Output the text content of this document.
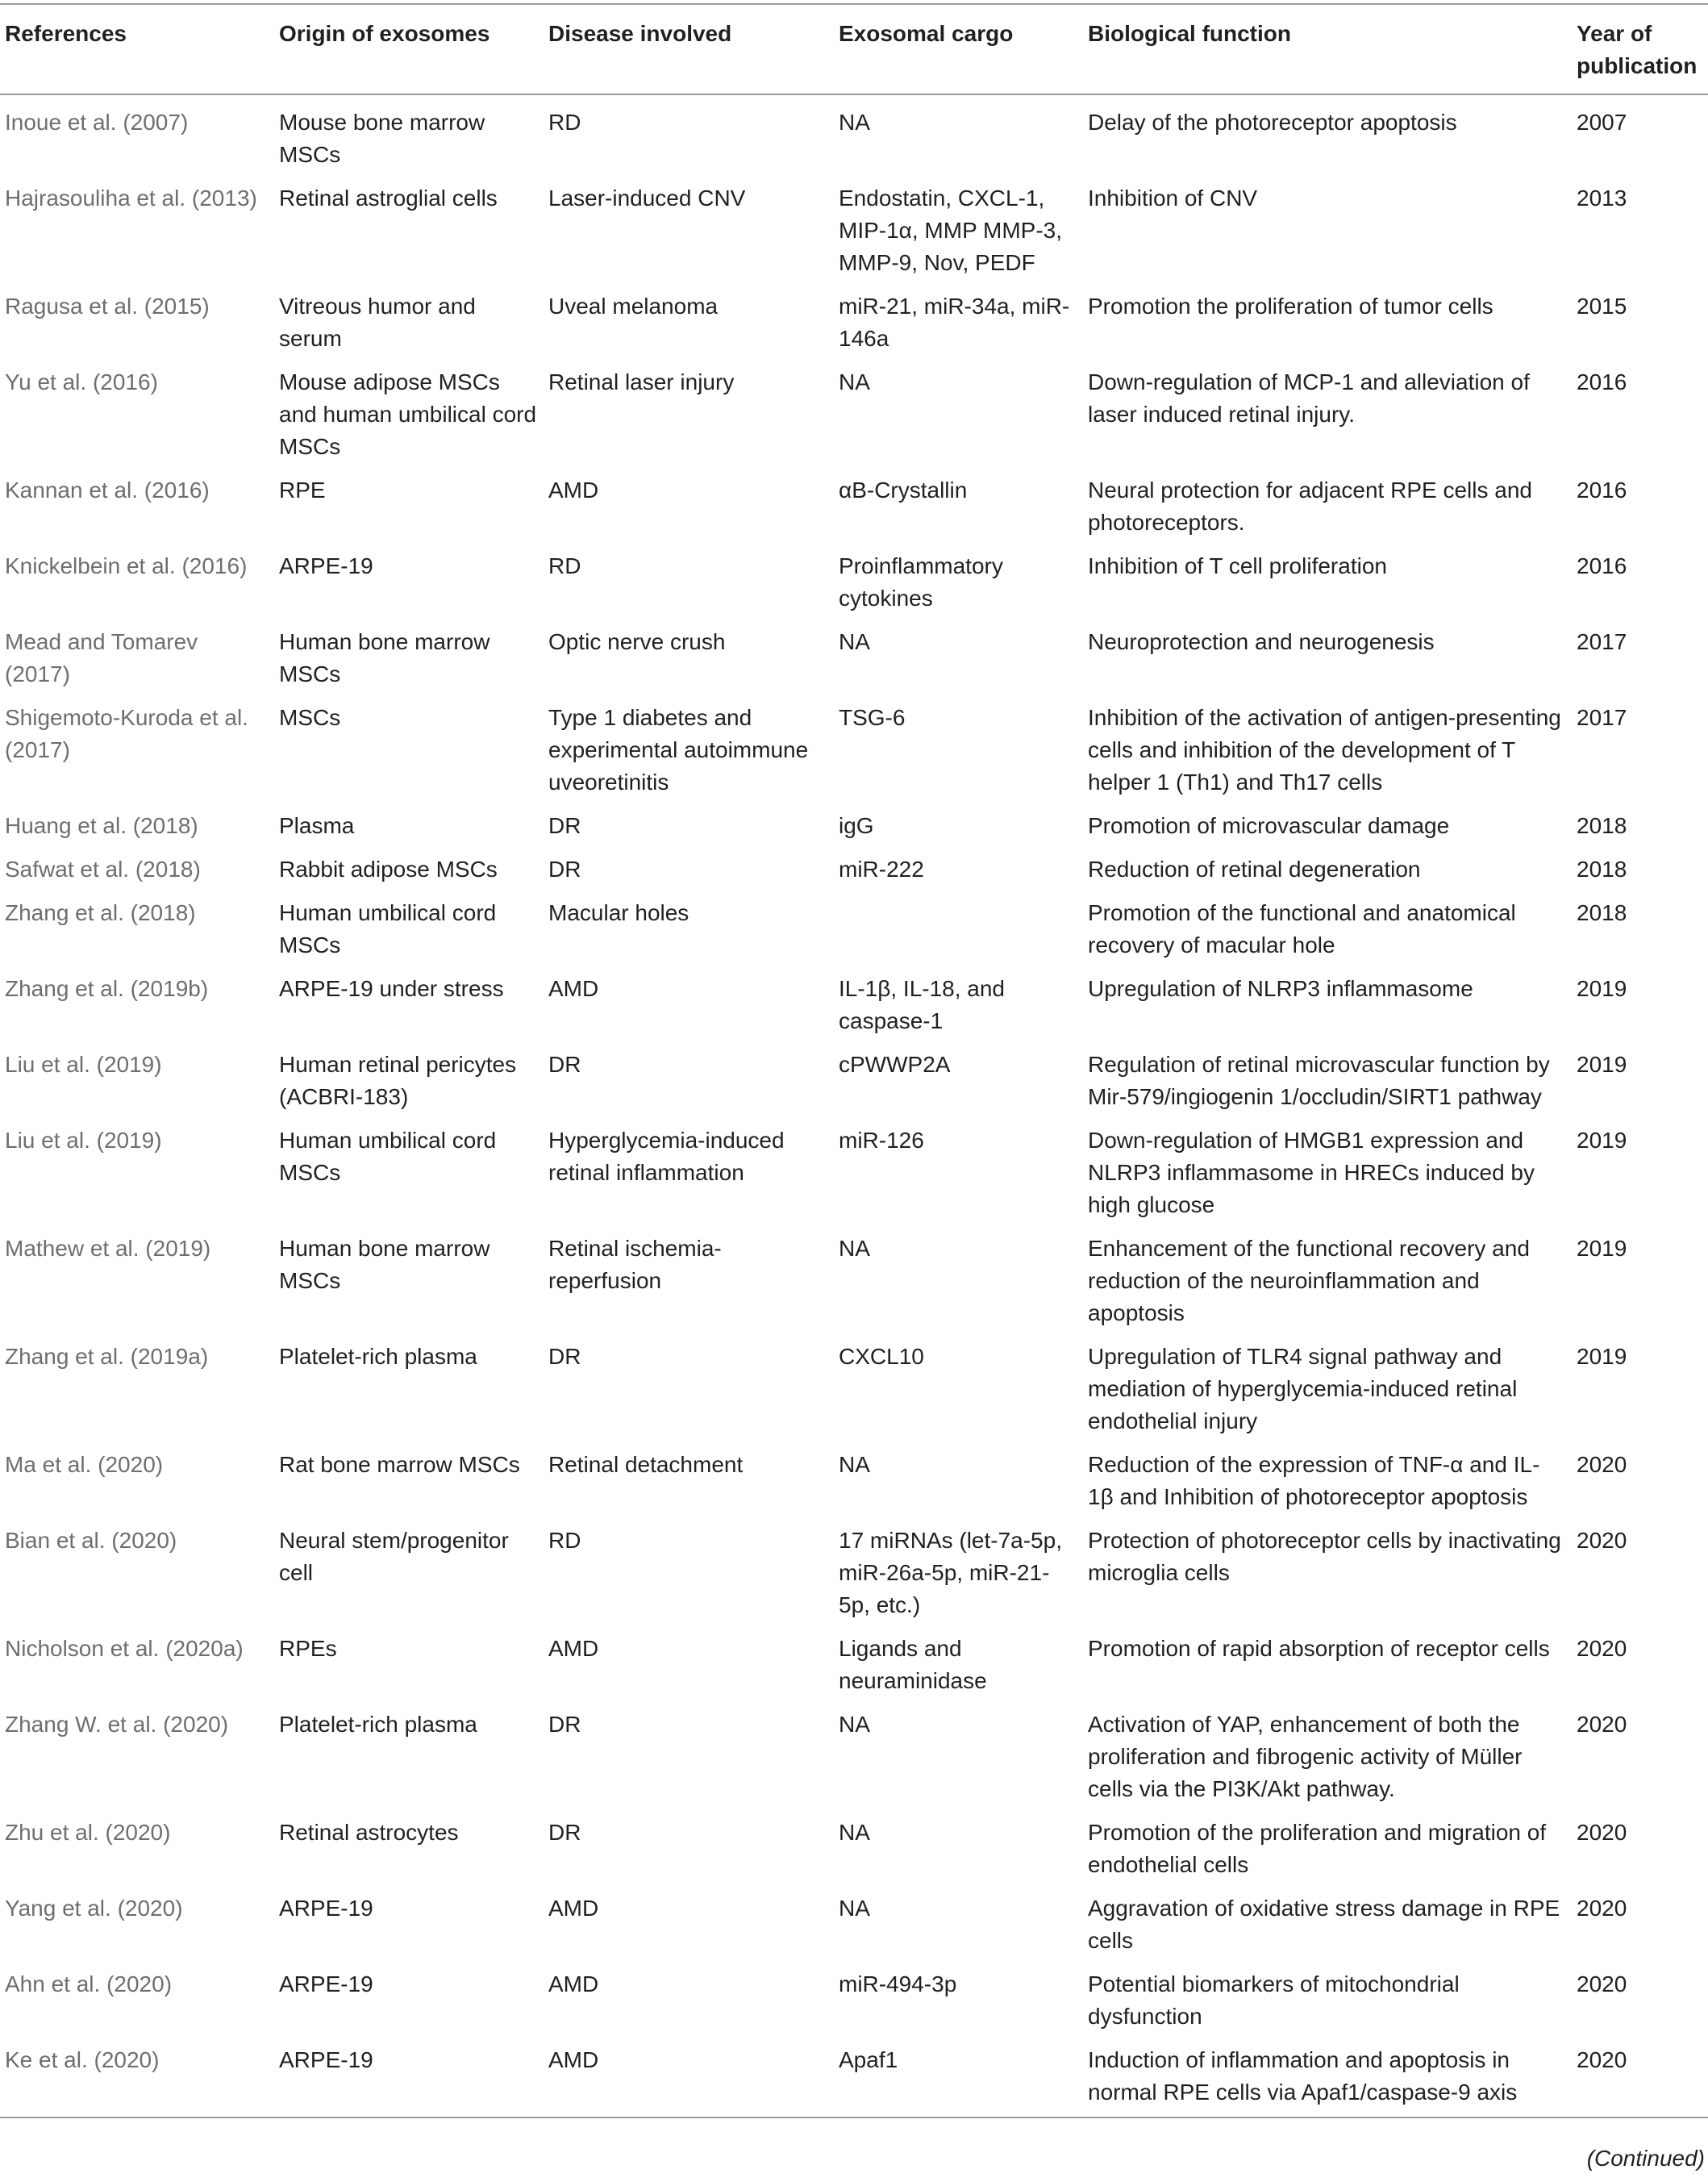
References	Origin of exosomes	Disease involved	Exosomal cargo	Biological function	Year of publication
Inoue et al. (2007)	Mouse bone marrow MSCs	RD	NA	Delay of the photoreceptor apoptosis	2007
Hajrasouliha et al. (2013)	Retinal astroglial cells	Laser-induced CNV	Endostatin, CXCL-1, MIP-1α, MMP MMP-3, MMP-9, Nov, PEDF	Inhibition of CNV	2013
Ragusa et al. (2015)	Vitreous humor and serum	Uveal melanoma	miR-21, miR-34a, miR-146a	Promotion the proliferation of tumor cells	2015
Yu et al. (2016)	Mouse adipose MSCs and human umbilical cord MSCs	Retinal laser injury	NA	Down-regulation of MCP-1 and alleviation of laser induced retinal injury.	2016
Kannan et al. (2016)	RPE	AMD	αB-Crystallin	Neural protection for adjacent RPE cells and photoreceptors.	2016
Knickelbein et al. (2016)	ARPE-19	RD	Proinflammatory cytokines	Inhibition of T cell proliferation	2016
Mead and Tomarev (2017)	Human bone marrow MSCs	Optic nerve crush	NA	Neuroprotection and neurogenesis	2017
Shigemoto-Kuroda et al. (2017)	MSCs	Type 1 diabetes and experimental autoimmune uveoretinitis	TSG-6	Inhibition of the activation of antigen-presenting cells and inhibition of the development of T helper 1 (Th1) and Th17 cells	2017
Huang et al. (2018)	Plasma	DR	igG	Promotion of microvascular damage	2018
Safwat et al. (2018)	Rabbit adipose MSCs	DR	miR-222	Reduction of retinal degeneration	2018
Zhang et al. (2018)	Human umbilical cord MSCs	Macular holes		Promotion of the functional and anatomical recovery of macular hole	2018
Zhang et al. (2019b)	ARPE-19 under stress	AMD	IL-1β, IL-18, and caspase-1	Upregulation of NLRP3 inflammasome	2019
Liu et al. (2019)	Human retinal pericytes (ACBRI-183)	DR	cPWWP2A	Regulation of retinal microvascular function by Mir-579/ingiogenin 1/occludin/SIRT1 pathway	2019
Liu et al. (2019)	Human umbilical cord MSCs	Hyperglycemia-induced retinal inflammation	miR-126	Down-regulation of HMGB1 expression and NLRP3 inflammasome in HRECs induced by high glucose	2019
Mathew et al. (2019)	Human bone marrow MSCs	Retinal ischemia-reperfusion	NA	Enhancement of the functional recovery and reduction of the neuroinflammation and apoptosis	2019
Zhang et al. (2019a)	Platelet-rich plasma	DR	CXCL10	Upregulation of TLR4 signal pathway and mediation of hyperglycemia-induced retinal endothelial injury	2019
Ma et al. (2020)	Rat bone marrow MSCs	Retinal detachment	NA	Reduction of the expression of TNF-α and IL-1β and Inhibition of photoreceptor apoptosis	2020
Bian et al. (2020)	Neural stem/progenitor cell	RD	17 miRNAs (let-7a-5p, miR-26a-5p, miR-21-5p, etc.)	Protection of photoreceptor cells by inactivating microglia cells	2020
Nicholson et al. (2020a)	RPEs	AMD	Ligands and neuraminidase	Promotion of rapid absorption of receptor cells	2020
Zhang W. et al. (2020)	Platelet-rich plasma	DR	NA	Activation of YAP, enhancement of both the proliferation and fibrogenic activity of Müller cells via the PI3K/Akt pathway.	2020
Zhu et al. (2020)	Retinal astrocytes	DR	NA	Promotion of the proliferation and migration of endothelial cells	2020
Yang et al. (2020)	ARPE-19	AMD	NA	Aggravation of oxidative stress damage in RPE cells	2020
Ahn et al. (2020)	ARPE-19	AMD	miR-494-3p	Potential biomarkers of mitochondrial dysfunction	2020
Ke et al. (2020)	ARPE-19	AMD	Apaf1	Induction of inflammation and apoptosis in normal RPE cells via Apaf1/caspase-9 axis	2020
(Continued)
